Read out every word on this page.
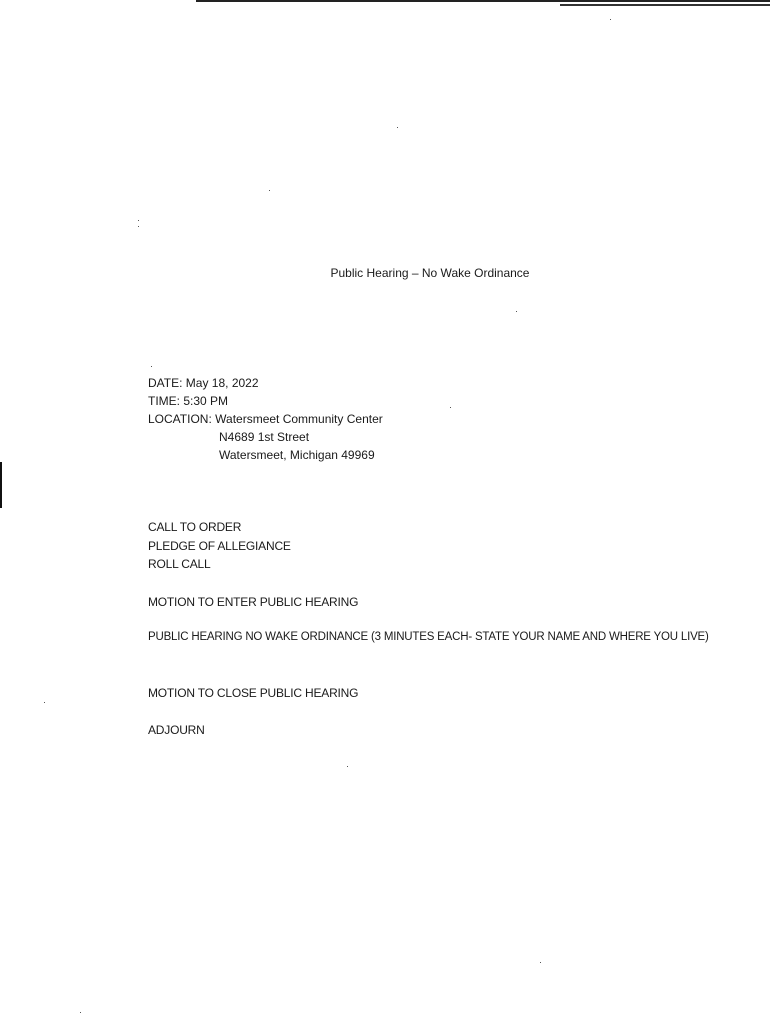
Public Hearing – No Wake Ordinance
DATE: May 18, 2022
TIME: 5:30 PM
LOCATION: Watersmeet Community Center
N4689 1st Street
Watersmeet, Michigan 49969
CALL TO ORDER
PLEDGE OF ALLEGIANCE
ROLL CALL
MOTION TO ENTER PUBLIC HEARING
PUBLIC HEARING NO WAKE ORDINANCE (3 MINUTES EACH- STATE YOUR NAME AND WHERE YOU LIVE)
MOTION TO CLOSE PUBLIC HEARING
ADJOURN
